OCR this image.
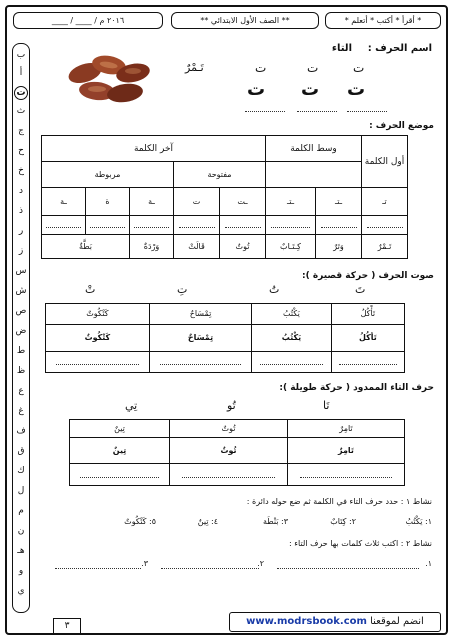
* أقرأ * أكتب * أتعلم *
** الصف الأول الابتدائي **
____ / ____ / ٢٠١٦ م
ب
أ
ت
ث
ج
ح
خ
د
ذ
ر
ز
س
ش
ص
ض
ط
ظ
ع
غ
ف
ق
ك
ل
م
ن
هـ
و
ي
اسم الحرف :
التاء
تَـمْرٌ	ت	ت	ت
ت ت ت
موضع الحرف :
أول الكلمة	وسط الكلمة		آخر الكلمة				
			مفتوحة		مربوطة		
تـ	ـتـ	ـتـ	ـت	ت	ـة	ة	ـة

تَـمْرٌ	وَتَرٌ	كِـتَـابٌ	تُوتٌ	قَالَتْ	وَرْدَةٌ	بَطَّةٌ	
صوت الحرف ( حركة قصيرة ):
تْ	تِ	تُ	تَ
تَأْكُلُ	يَكْتُبُ	تِمْسَاحٌ	كَتْكُوتٌ
تَأكُلُ	يَكْتُبُ	تِمْسَاحٌ	كَتْكُوتٌ

حرف التاء الممدود ( حركة طويلة ):
تِي	تُو	تَا
تَامِرٌ	تُوتٌ	تِينٌ
تَامِرٌ	تُوتٌ	تِينٌ

نشاط ١ : حدد حرف التاء في الكلمة ثم ضع حوله دائرة :
١: يَكْتُبُ
٢: كِتَابٌ
٣: بَنْطَة
٤: تِينٌ
٥: كَتْكُوتٌ
نشاط ٢ : اكتب ثلاث كلمات بها حرف التاء :
١.
٢.
٣.
٣	انضم لموقعنا www.modrsbook.com
